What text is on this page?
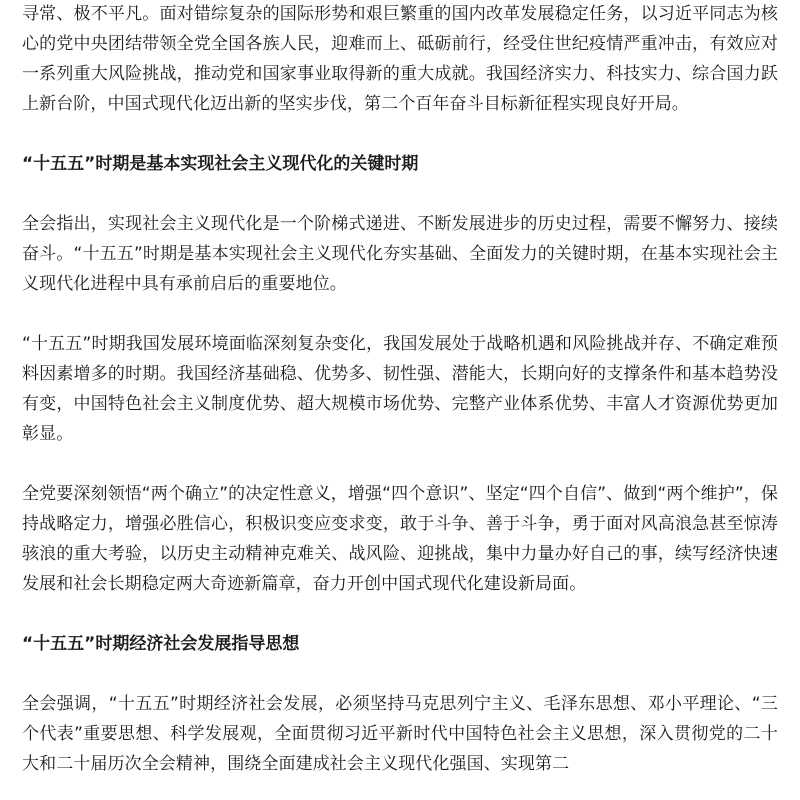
寻常、极不平凡。面对错综复杂的国际形势和艰巨繁重的国内改革发展稳定任务，以习近平同志为核心的党中央团结带领全党全国各族人民，迎难而上、砥砺前行，经受住世纪疫情严重冲击，有效应对一系列重大风险挑战，推动党和国家事业取得新的重大成就。我国经济实力、科技实力、综合国力跃上新台阶，中国式现代化迈出新的坚实步伐，第二个百年奋斗目标新征程实现良好开局。

“十五五”时期是基本实现社会主义现代化的关键时期

全会指出，实现社会主义现代化是一个阶梯式递进、不断发展进步的历史过程，需要不懈努力、接续奋斗。“十五五”时期是基本实现社会主义现代化夯实基础、全面发力的关键时期，在基本实现社会主义现代化进程中具有承前启后的重要地位。

“十五五”时期我国发展环境面临深刻复杂变化，我国发展处于战略机遇和风险挑战并存、不确定难预料因素增多的时期。我国经济基础稳、优势多、韧性强、潜能大，长期向好的支撑条件和基本趋势没有变，中国特色社会主义制度优势、超大规模市场优势、完整产业体系优势、丰富人才资源优势更加彰显。

全党要深刻领悟“两个确立”的决定性意义，增强“四个意识”、坚定“四个自信”、做到“两个维护”，保持战略定力，增强必胜信心，积极识变应变求变，敢于斗争、善于斗争，勇于面对风高浪急甚至惊涛骇浪的重大考验，以历史主动精神克难关、战风险、迎挑战，集中力量办好自己的事，续写经济快速发展和社会长期稳定两大奇迹新篇章，奋力开创中国式现代化建设新局面。

“十五五”时期经济社会发展指导思想

全会强调，“十五五”时期经济社会发展，必须坚持马克思列宁主义、毛泽东思想、邓小平理论、“三个代表”重要思想、科学发展观，全面贯彻习近平新时代中国特色社会主义思想，深入贯彻党的二十大和二十届历次全会精神，围绕全面建成社会主义现代化强国、实现第二
